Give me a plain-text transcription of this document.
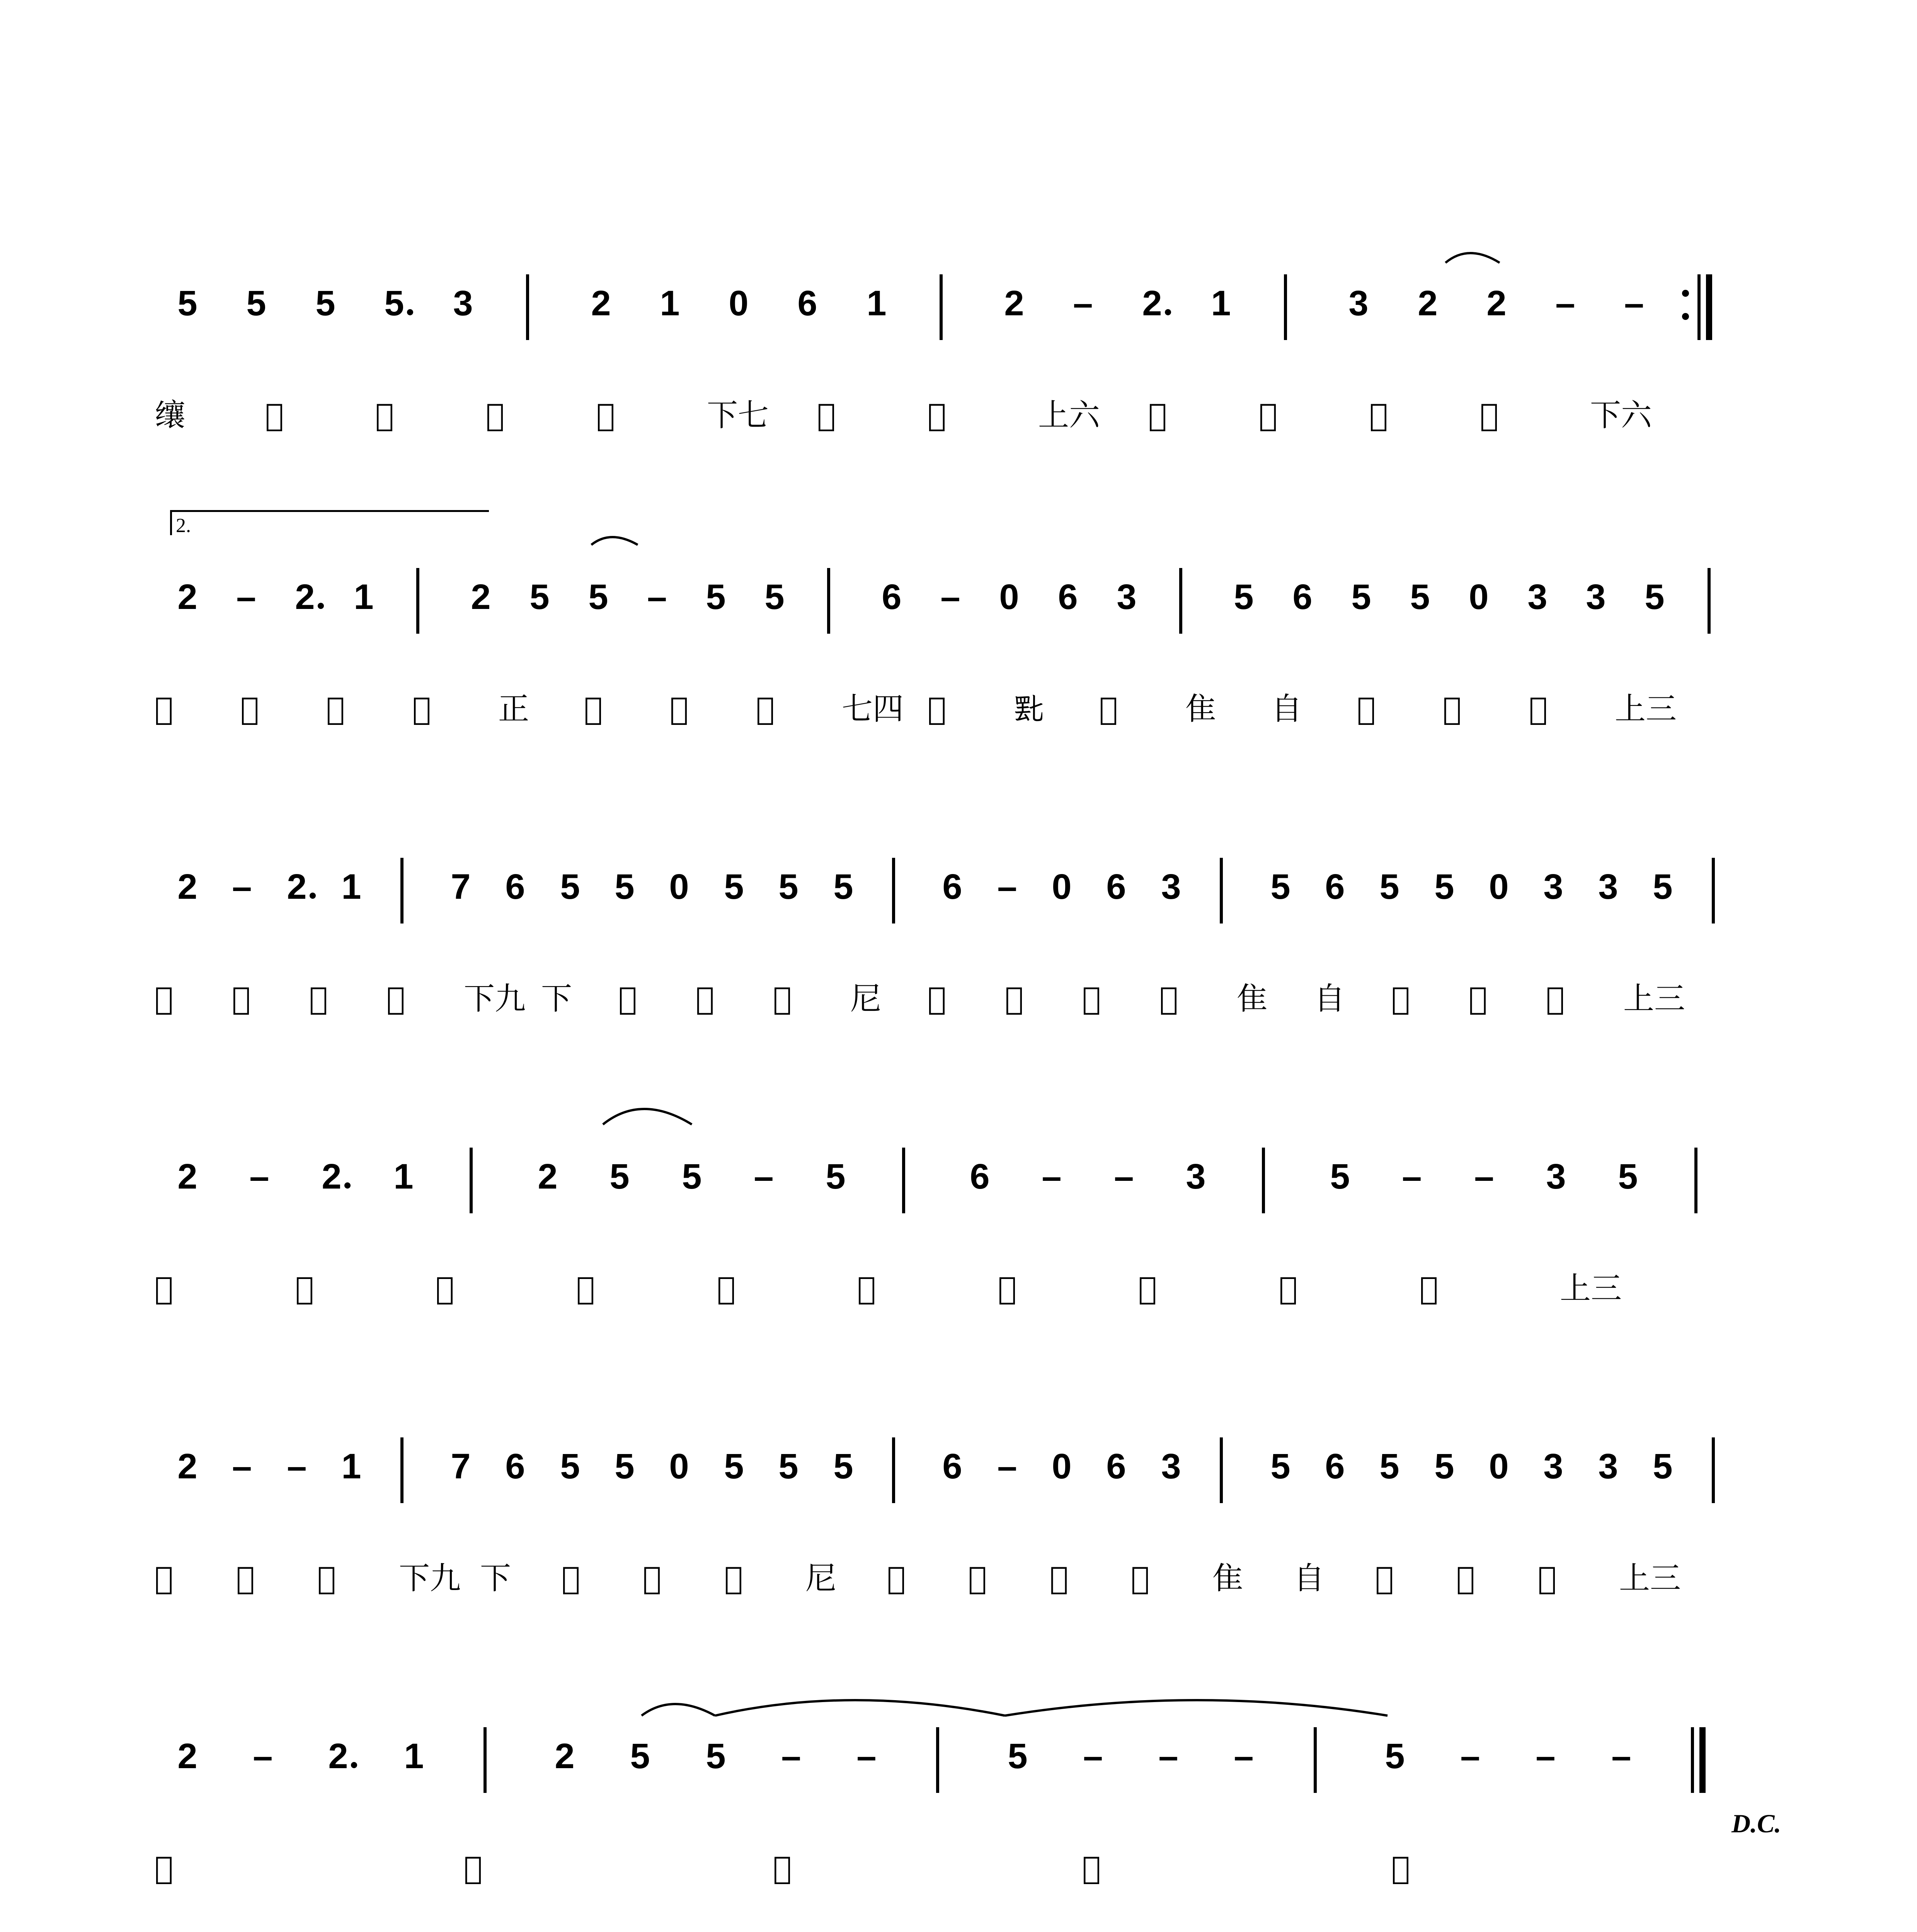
5 5 5 5 3	2 1 0 6 1	2 – 2 1	3 2 2 – –
𬙋	𬙌	𬙍	𬙎	𬙏	下七 𬙐	𬙑	上六 𬙒	𬙓	𬙔	𬙕	下六
2.
2 – 2 1	2 5 5 – 5 5	6 – 0 6 3	5 6 5 5 0 3 3 5
𬙖 𬙗 𬙘 𬙙 正 𬙚 𬙛 𬙜 七四 𬙝 𬙞 𬙟 隹 自 𬙠 𬙡 𬙢 上三
2 – 2 1	7 6 5 5 0 5 5 5	6 – 0 6 3	5 6 5 5 0 3 3 5
𬙣 𬙤 𬙥 𬙦 下九 下 𬙧 𬙨 𬙩 尼 𬙪 𬙫 𬙬 𬙭 隹 自 𬙮 𬙯 𬙰 上三
2 – 2 1	2 5 5 – 5	6 – – 3	5 – – 3 5
𬙣	𬙤	𬙥	𬙦	𬙱	𬙲	𬙳	𬙴	𬙵	𬙶	上三
2 – – 1	7 6 5 5 0 5 5 5	6 – 0 6 3	5 6 5 5 0 3 3 5
𬙣 𬙥 𬙦 下九 下 𬙧 𬙨 𬙩 尼 𬙪 𬙫 𬙬 𬙭 隹 自 𬙮 𬙯 𬙰 上三
2 – 2 1	2 5 5 – –	5 – – –	5 – – –
𬙣	𬙤	𬙥	𬙦	𬙱
D.C.
